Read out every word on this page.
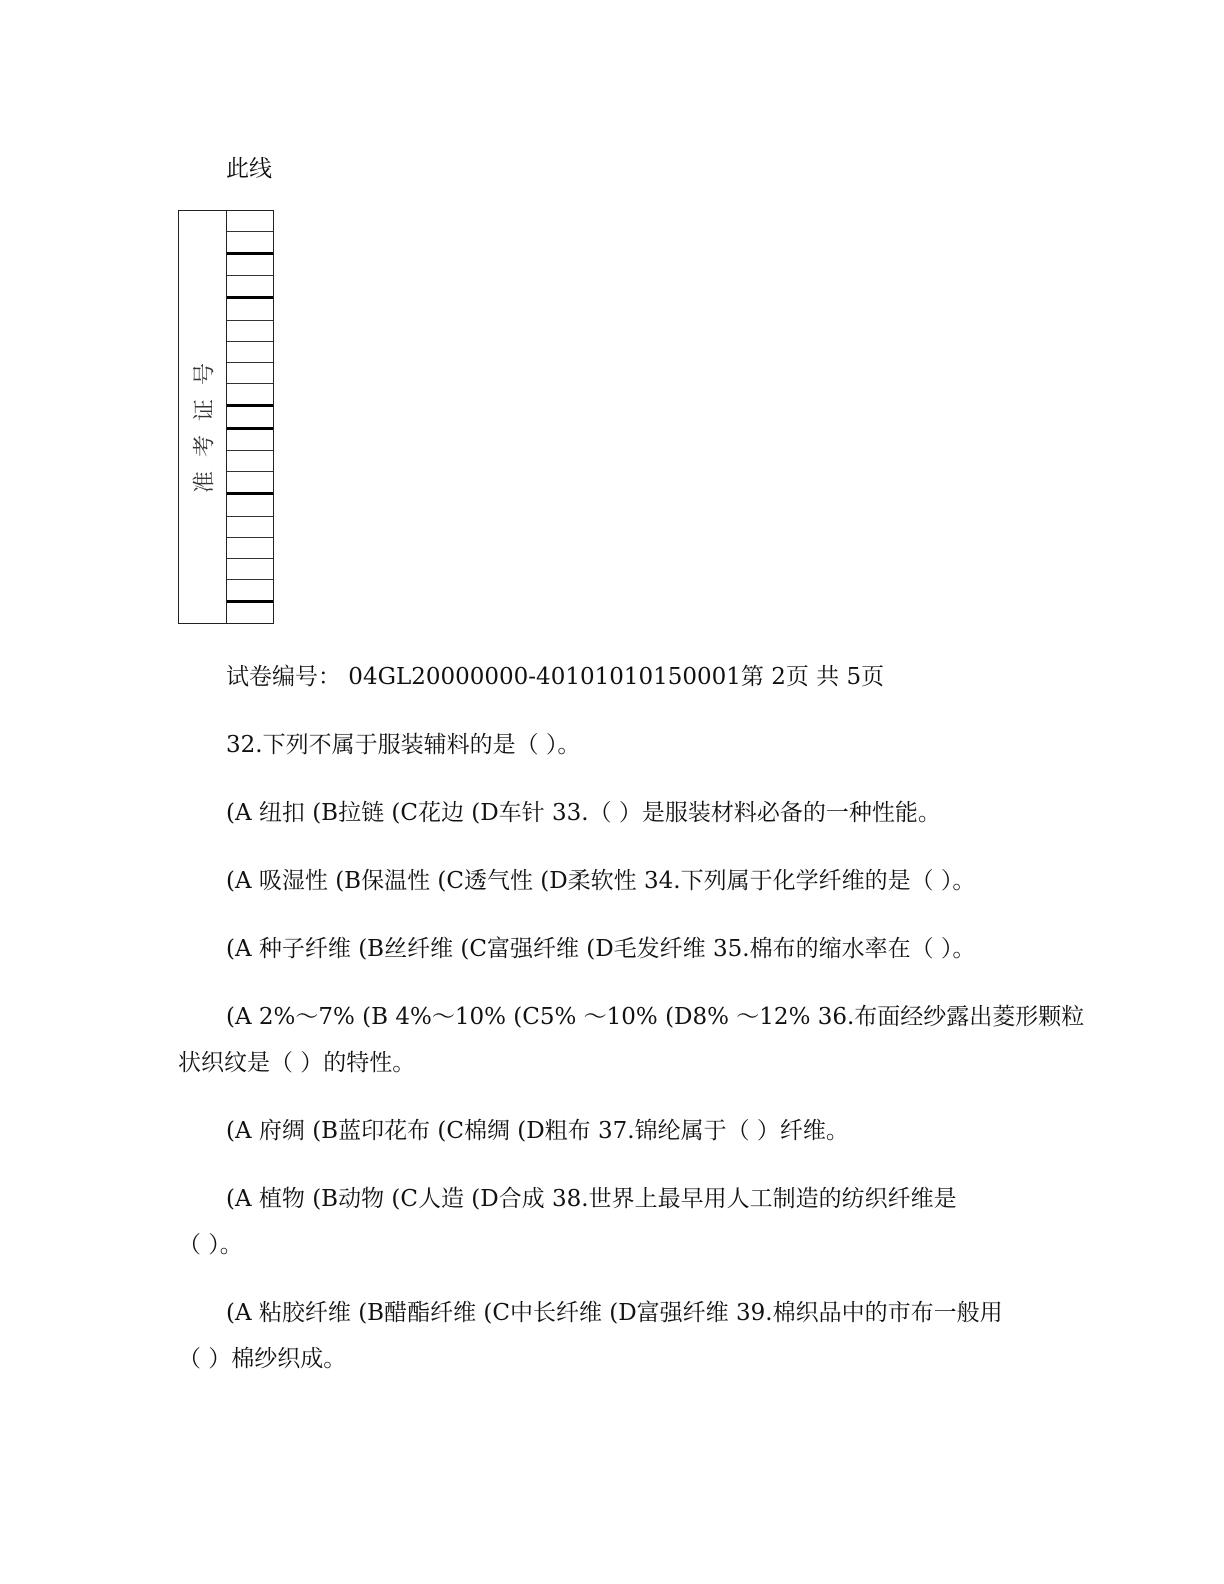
此线
准考证号
试卷编号： 04GL20000000-40101010150001第 2页 共 5页
32.下列不属于服装辅料的是（ ）。
(A 纽扣 (B拉链 (C花边 (D车针 33.（ ）是服装材料必备的一种性能。
(A 吸湿性 (B保温性 (C透气性 (D柔软性 34.下列属于化学纤维的是（ ）。
(A 种子纤维 (B丝纤维 (C富强纤维 (D毛发纤维 35.棉布的缩水率在（ ）。
(A 2%～7% (B 4%～10% (C5% ～10% (D8% ～12% 36.布面经纱露出菱形颗粒
状织纹是（ ）的特性。
(A 府绸 (B蓝印花布 (C棉绸 (D粗布 37.锦纶属于（ ）纤维。
(A 植物 (B动物 (C人造 (D合成 38.世界上最早用人工制造的纺织纤维是
（ ）。
(A 粘胶纤维 (B醋酯纤维 (C中长纤维 (D富强纤维 39.棉织品中的市布一般用
（ ）棉纱织成。
